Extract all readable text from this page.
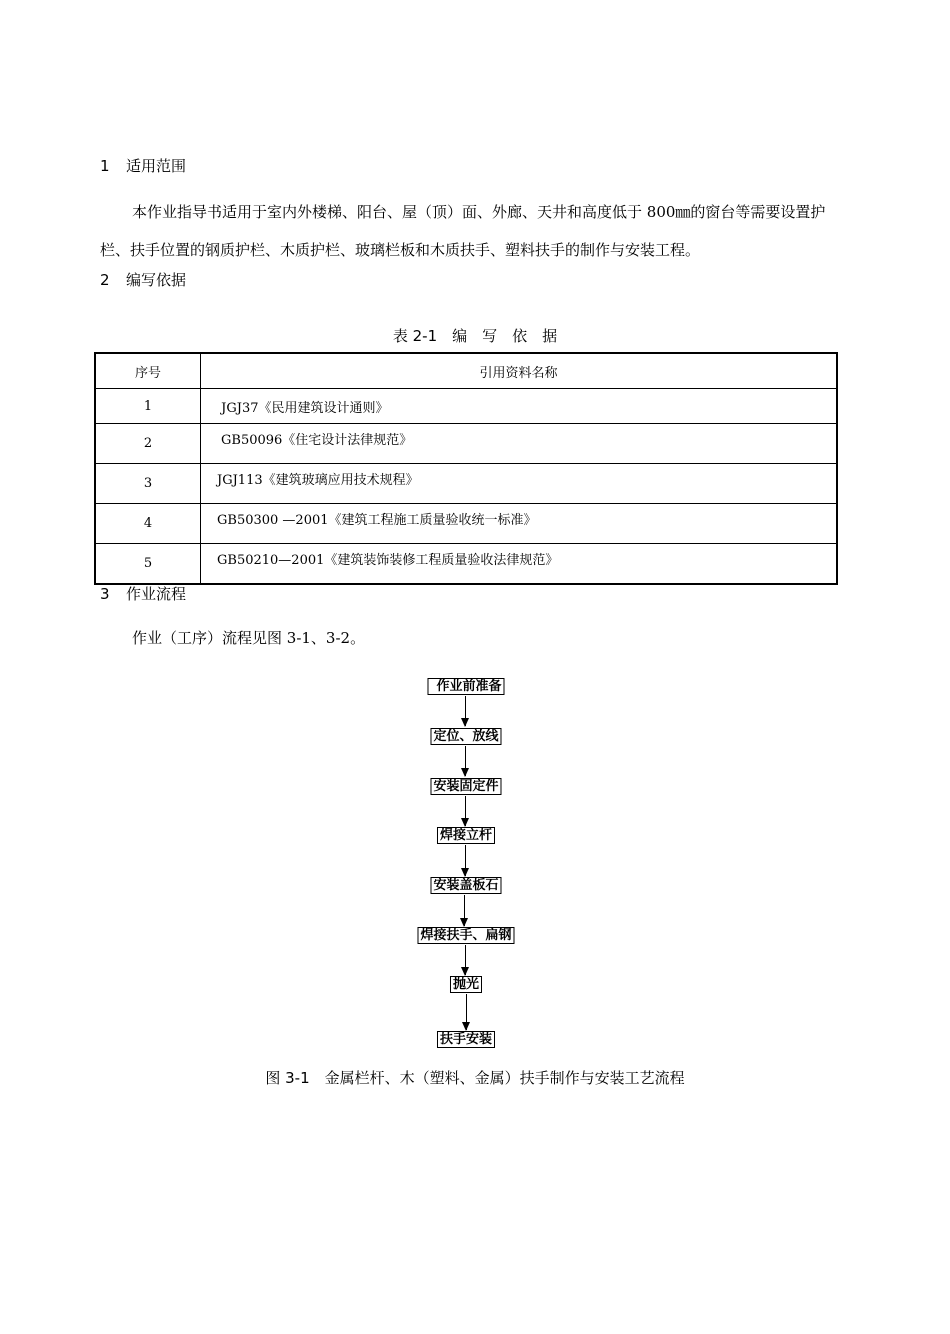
1 适用范围
本作业指导书适用于室内外楼梯、阳台、屋（顶）面、外廊、天井和高度低于 800㎜的窗台等需要设置护栏、扶手位置的钢质护栏、木质护栏、玻璃栏板和木质扶手、塑料扶手的制作与安装工程。
2 编写依据
表 2-1　编　写　依　据
序号	引用资料名称
1	JGJ37《民用建筑设计通则》
2	GB50096《住宅设计法律规范》
3	JGJ113《建筑玻璃应用技术规程》
4	GB50300 —2001《建筑工程施工质量验收统一标准》
5	GB50210—2001《建筑装饰装修工程质量验收法律规范》
3 作业流程
作业（工序）流程见图 3-1、3-2。
作业前准备
定位、放线
安装固定件
焊接立杆
安装盖板石
焊接扶手、扁钢
抛光
扶手安装
图 3-1　金属栏杆、木（塑料、金属）扶手制作与安装工艺流程
